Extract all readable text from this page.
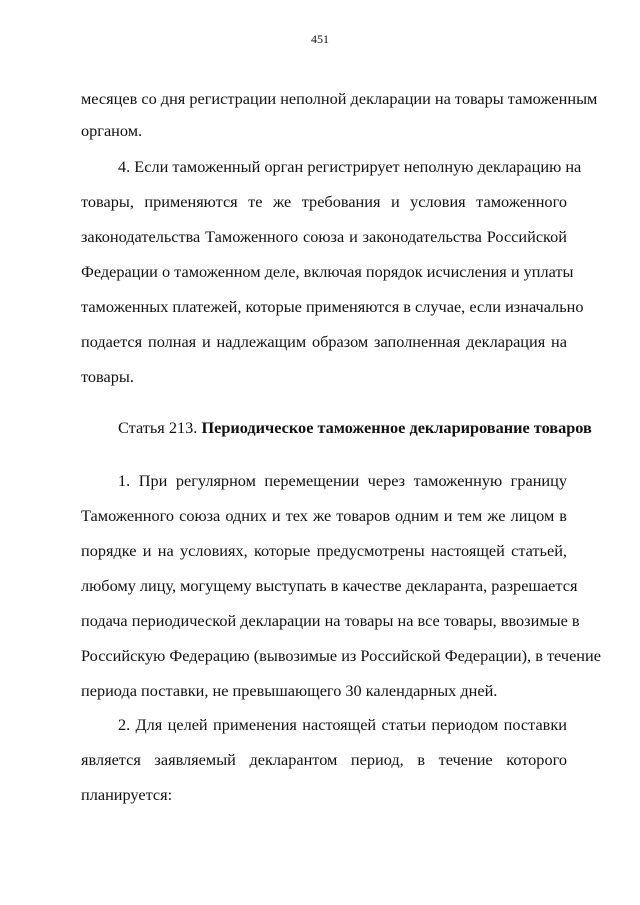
451
месяцев со дня регистрации неполной декларации на товары таможенным
органом.
4. Если таможенный орган регистрирует неполную декларацию на
товары, применяются те же требования и условия таможенного
законодательства Таможенного союза и законодательства Российской
Федерации о таможенном деле, включая порядок исчисления и уплаты
таможенных платежей, которые применяются в случае, если изначально
подается полная и надлежащим образом заполненная декларация на
товары.
Статья 213. Периодическое таможенное декларирование товаров
1. При регулярном перемещении через таможенную границу
Таможенного союза одних и тех же товаров одним и тем же лицом в
порядке и на условиях, которые предусмотрены настоящей статьей,
любому лицу, могущему выступать в качестве декларанта, разрешается
подача периодической декларации на товары на все товары, ввозимые в
Российскую Федерацию (вывозимые из Российской Федерации), в течение
периода поставки, не превышающего 30 календарных дней.
2. Для целей применения настоящей статьи периодом поставки
является заявляемый декларантом период, в течение которого
планируется:
